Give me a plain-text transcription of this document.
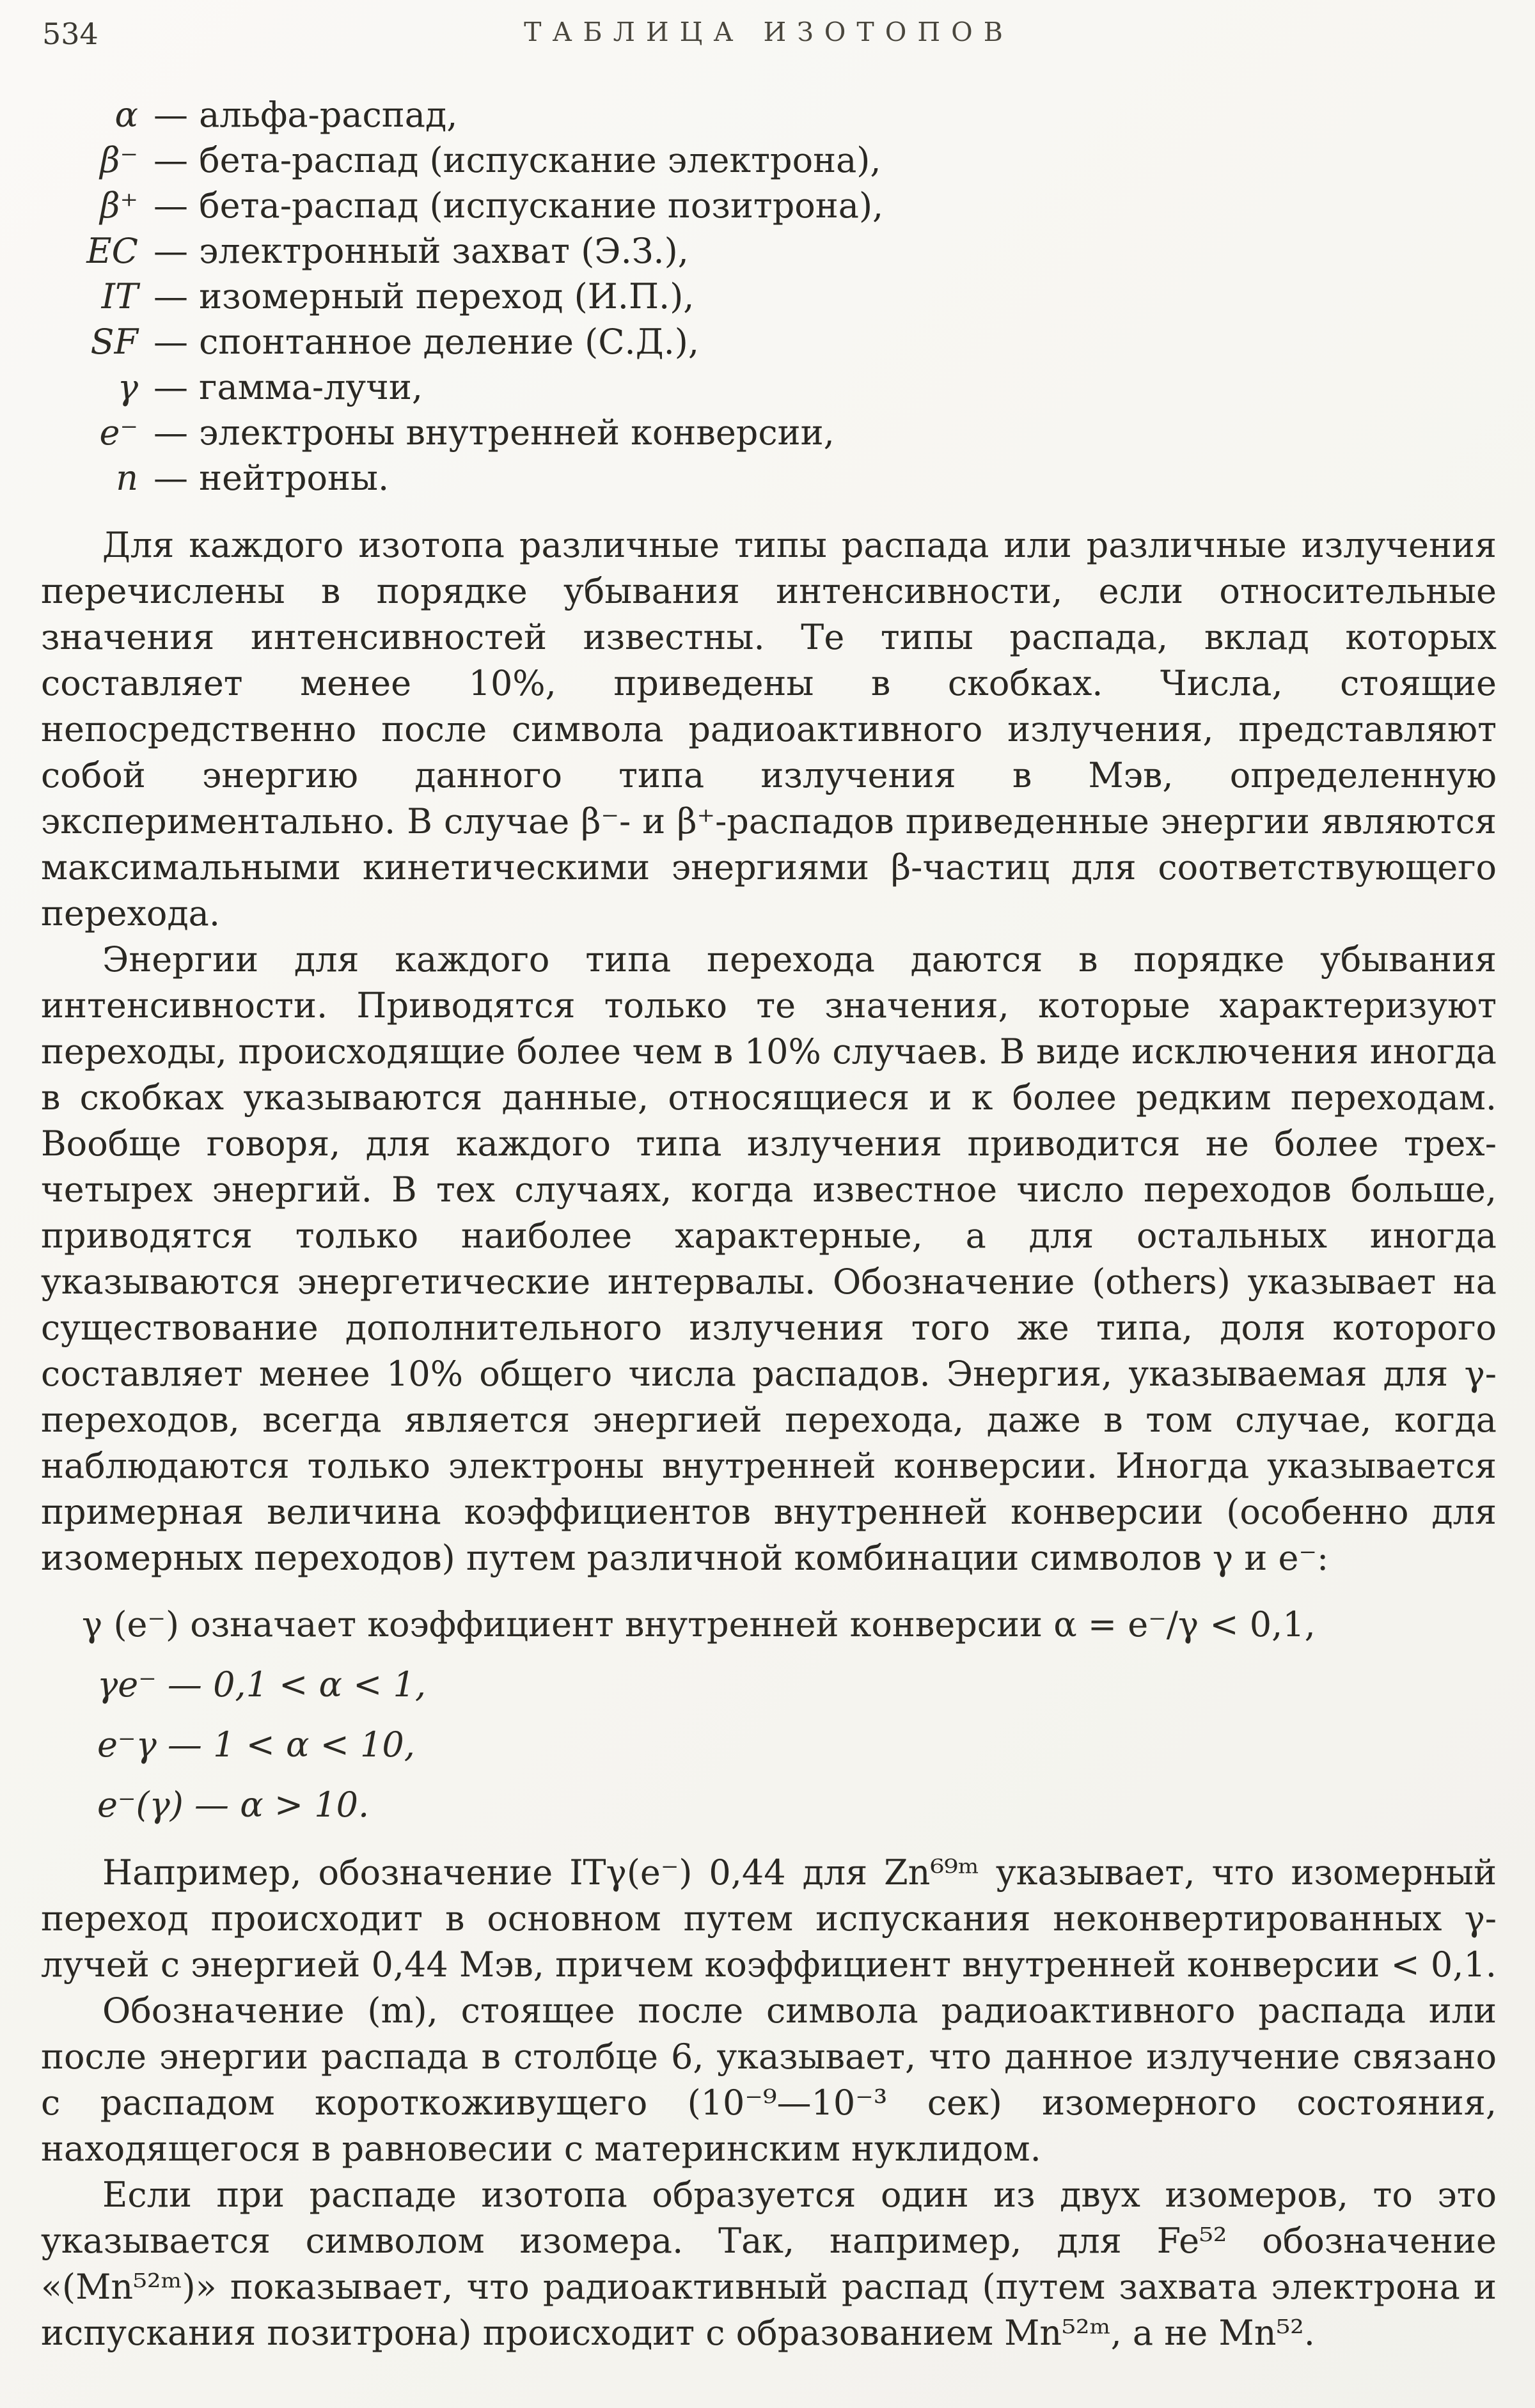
534	ТАБЛИЦА ИЗОТОПОВ
α — альфа-распад,
β⁻ — бета-распад (испускание электрона),
β⁺ — бета-распад (испускание позитрона),
ЕС — электронный захват (Э.З.),
IT — изомерный переход (И.П.),
SF — спонтанное деление (С.Д.),
γ — гамма-лучи,
e⁻ — электроны внутренней конверсии,
n — нейтроны.

Для каждого изотопа различные типы распада или различные излучения перечислены в порядке убывания интенсивности, если относительные значения интенсивностей известны. Те типы распада, вклад которых составляет менее 10%, приведены в скобках. Числа, стоящие непосредственно после символа радиоактивного излучения, представляют собой энергию данного типа излучения в Мэв, определенную экспериментально. В случае β⁻- и β⁺-распадов приведенные энергии являются максимальными кинетическими энергиями β-частиц для соответствующего перехода.

Энергии для каждого типа перехода даются в порядке убывания интенсивности. Приводятся только те значения, которые характеризуют переходы, происходящие более чем в 10% случаев. В виде исключения иногда в скобках указываются данные, относящиеся и к более редким переходам. Вообще говоря, для каждого типа излучения приводится не более трех-четырех энергий. В тех случаях, когда известное число переходов больше, приводятся только наиболее характерные, а для остальных иногда указываются энергетические интервалы. Обозначение (others) указывает на существование дополнительного излучения того же типа, доля которого составляет менее 10% общего числа распадов. Энергия, указываемая для γ-переходов, всегда является энергией перехода, даже в том случае, когда наблюдаются только электроны внутренней конверсии. Иногда указывается примерная величина коэффициентов внутренней конверсии (особенно для изомерных переходов) путем различной комбинации символов γ и e⁻:

γ (e⁻) означает коэффициент внутренней конверсии α = e⁻/γ < 0,1,
γe⁻ — 0,1 < α < 1,
e⁻γ — 1 < α < 10,
e⁻(γ) — α > 10.

Например, обозначение ITγ(e⁻) 0,44 для Zn⁶⁹ᵐ указывает, что изомерный переход происходит в основном путем испускания неконвертированных γ-лучей с энергией 0,44 Мэв, причем коэффициент внутренней конверсии < 0,1.

Обозначение (m), стоящее после символа радиоактивного распада или после энергии распада в столбце 6, указывает, что данное излучение связано с распадом короткоживущего (10⁻⁹—10⁻³ сек) изомерного состояния, находящегося в равновесии с материнским нуклидом.

Если при распаде изотопа образуется один из двух изомеров, то это указывается символом изомера. Так, например, для Fe⁵² обозначение «(Mn⁵²ᵐ)» показывает, что радиоактивный распад (путем захвата электрона и испускания позитрона) происходит с образованием Mn⁵²ᵐ, а не Mn⁵².
